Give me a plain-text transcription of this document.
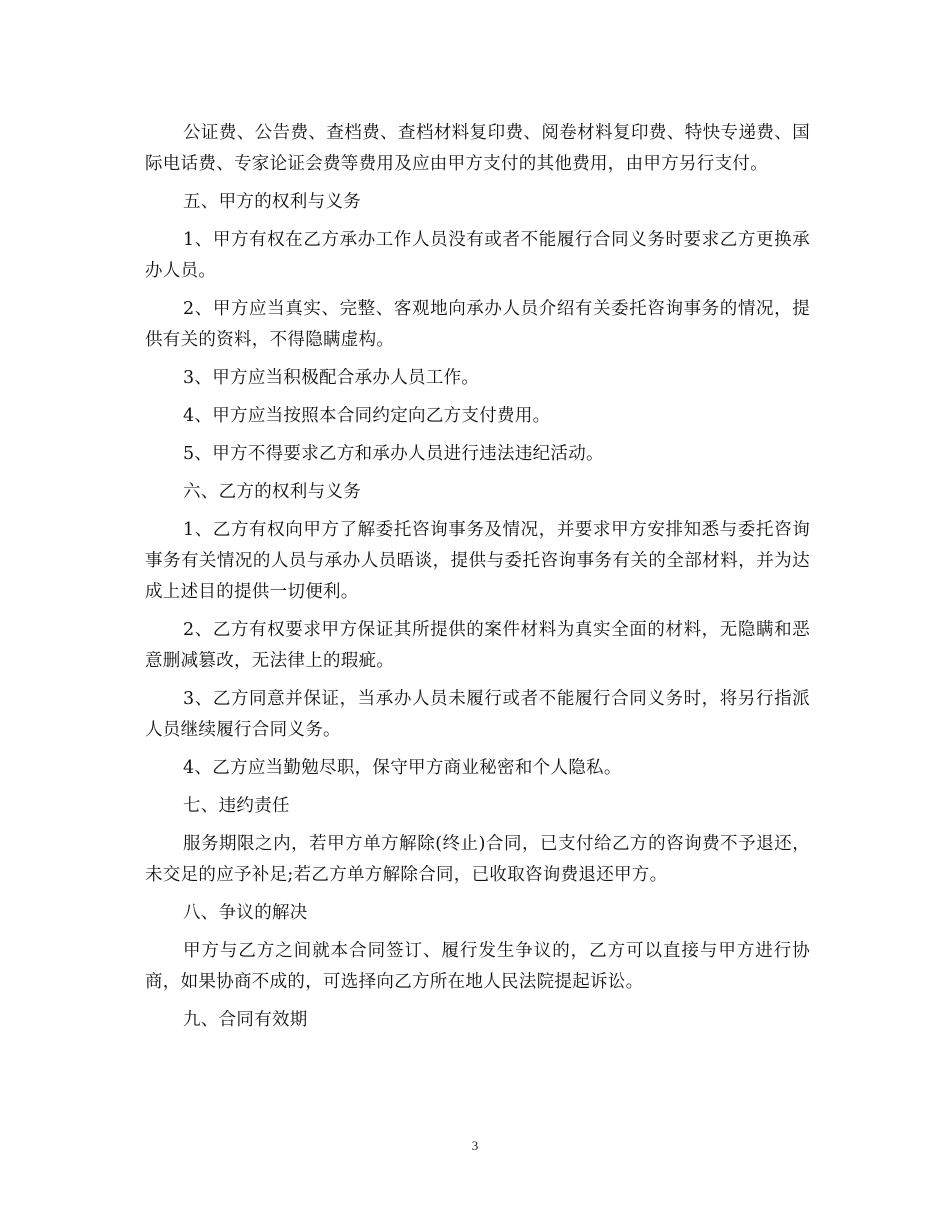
公证费、公告费、查档费、查档材料复印费、阅卷材料复印费、特快专递费、国际电话费、专家论证会费等费用及应由甲方支付的其他费用，由甲方另行支付。

五、甲方的权利与义务

1、甲方有权在乙方承办工作人员没有或者不能履行合同义务时要求乙方更换承办人员。

2、甲方应当真实、完整、客观地向承办人员介绍有关委托咨询事务的情况，提供有关的资料，不得隐瞒虚构。

3、甲方应当积极配合承办人员工作。

4、甲方应当按照本合同约定向乙方支付费用。

5、甲方不得要求乙方和承办人员进行违法违纪活动。

六、乙方的权利与义务

1、乙方有权向甲方了解委托咨询事务及情况，并要求甲方安排知悉与委托咨询事务有关情况的人员与承办人员晤谈，提供与委托咨询事务有关的全部材料，并为达成上述目的提供一切便利。

2、乙方有权要求甲方保证其所提供的案件材料为真实全面的材料，无隐瞒和恶意删减篡改，无法律上的瑕疵。

3、乙方同意并保证，当承办人员未履行或者不能履行合同义务时，将另行指派人员继续履行合同义务。

4、乙方应当勤勉尽职，保守甲方商业秘密和个人隐私。

七、违约责任

服务期限之内，若甲方单方解除(终止)合同，已支付给乙方的咨询费不予退还，未交足的应予补足;若乙方单方解除合同，已收取咨询费退还甲方。

八、争议的解决

甲方与乙方之间就本合同签订、履行发生争议的，乙方可以直接与甲方进行协商，如果协商不成的，可选择向乙方所在地人民法院提起诉讼。

九、合同有效期

3
